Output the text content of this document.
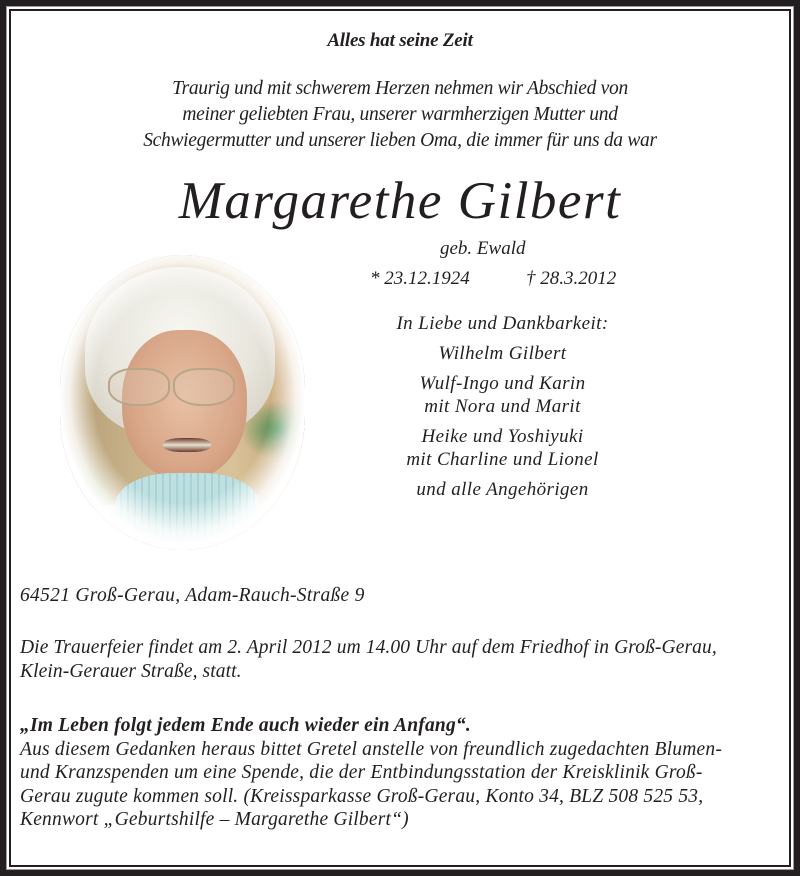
Alles hat seine Zeit
Traurig und mit schwerem Herzen nehmen wir Abschied von
meiner geliebten Frau, unserer warmherzigen Mutter und
Schwiegermutter und unserer lieben Oma, die immer für uns da war
Margarethe Gilbert
geb. Ewald
* 23.12.1924	† 28.3.2012
In Liebe und Dankbarkeit:
Wilhelm Gilbert
Wulf-Ingo und Karin
mit Nora und Marit
Heike und Yoshiyuki
mit Charline und Lionel
und alle Angehörigen
64521 Groß-Gerau, Adam-Rauch-Straße 9
Die Trauerfeier findet am 2. April 2012 um 14.00 Uhr auf dem Friedhof in Groß-Gerau,
Klein-Gerauer Straße, statt.
„Im Leben folgt jedem Ende auch wieder ein Anfang“.
Aus diesem Gedanken heraus bittet Gretel anstelle von freundlich zugedachten Blumen-
und Kranzspenden um eine Spende, die der Entbindungsstation der Kreisklinik Groß-
Gerau zugute kommen soll. (Kreissparkasse Groß-Gerau, Konto 34, BLZ 508 525 53,
Kennwort „Geburtshilfe – Margarethe Gilbert“)
